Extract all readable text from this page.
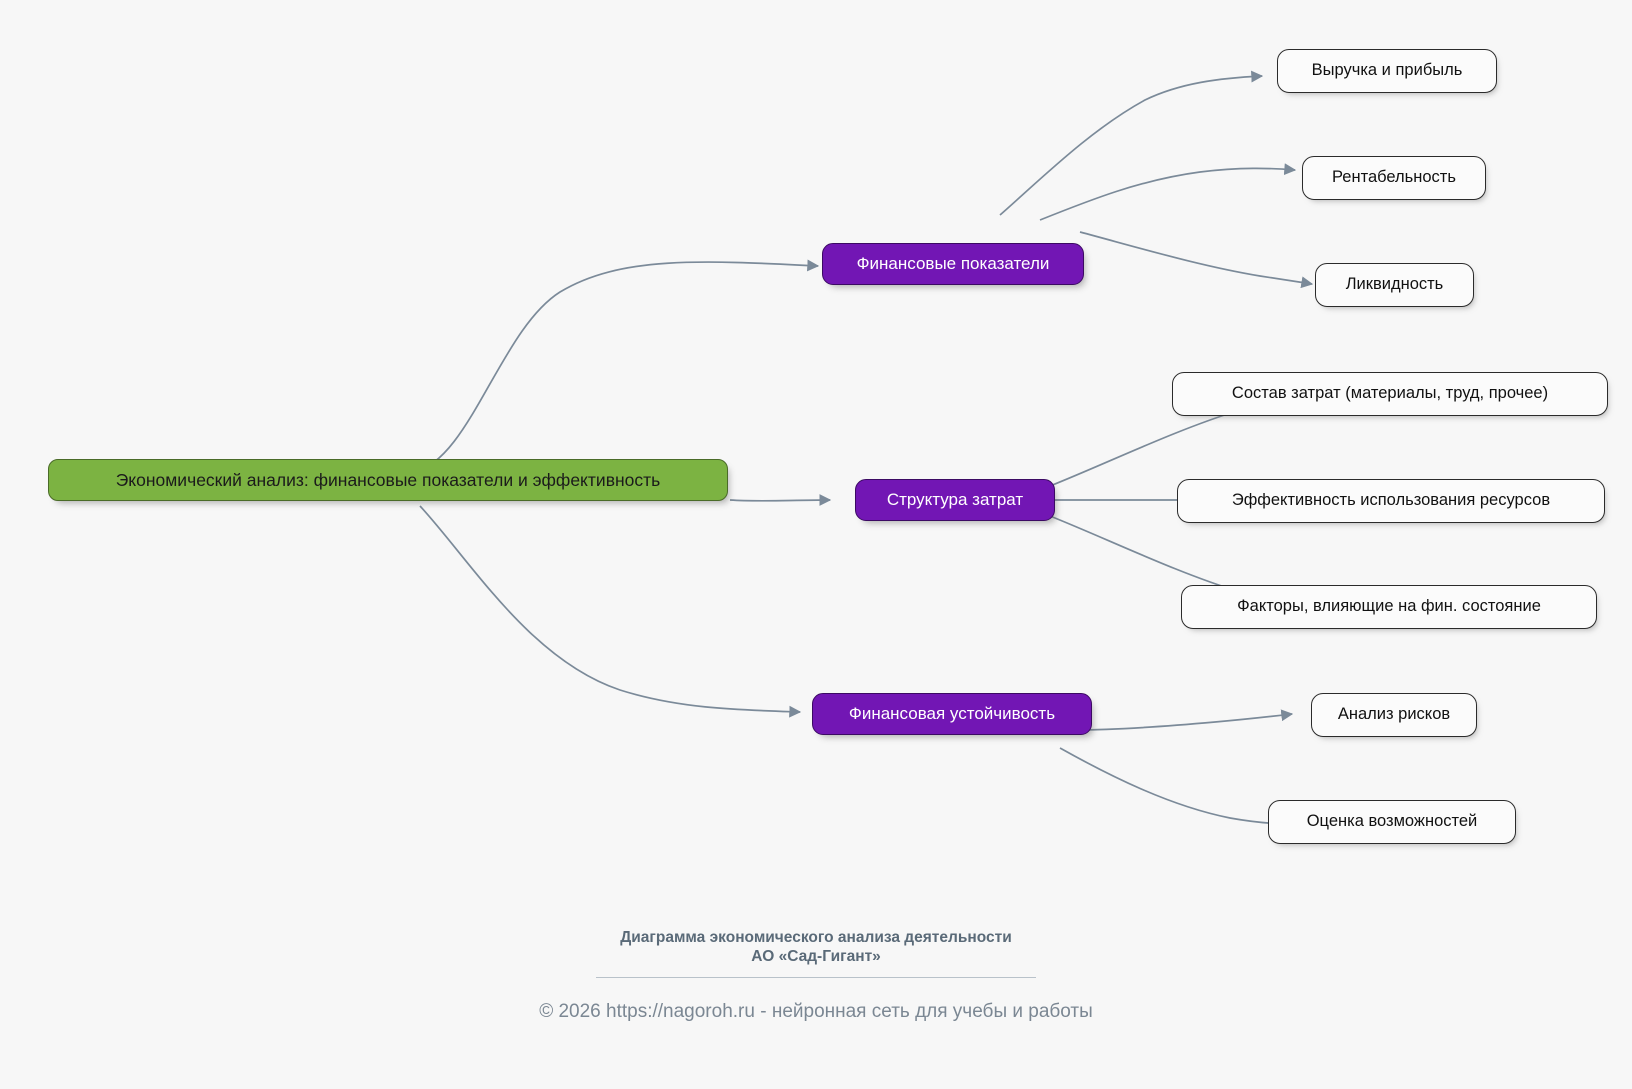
Экономический анализ: финансовые показатели и эффективность
Финансовые показатели
Выручка и прибыль
Рентабельность
Ликвидность
Структура затрат
Состав затрат (материалы, труд, прочее)
Эффективность использования ресурсов
Факторы, влияющие на фин. состояние
Финансовая устойчивость	Анализ рисков
Оценка возможностей
Диаграмма экономического анализа деятельности
АО «Сад-Гигант»
© 2026 https://nagoroh.ru - нейронная сеть для учебы и работы
